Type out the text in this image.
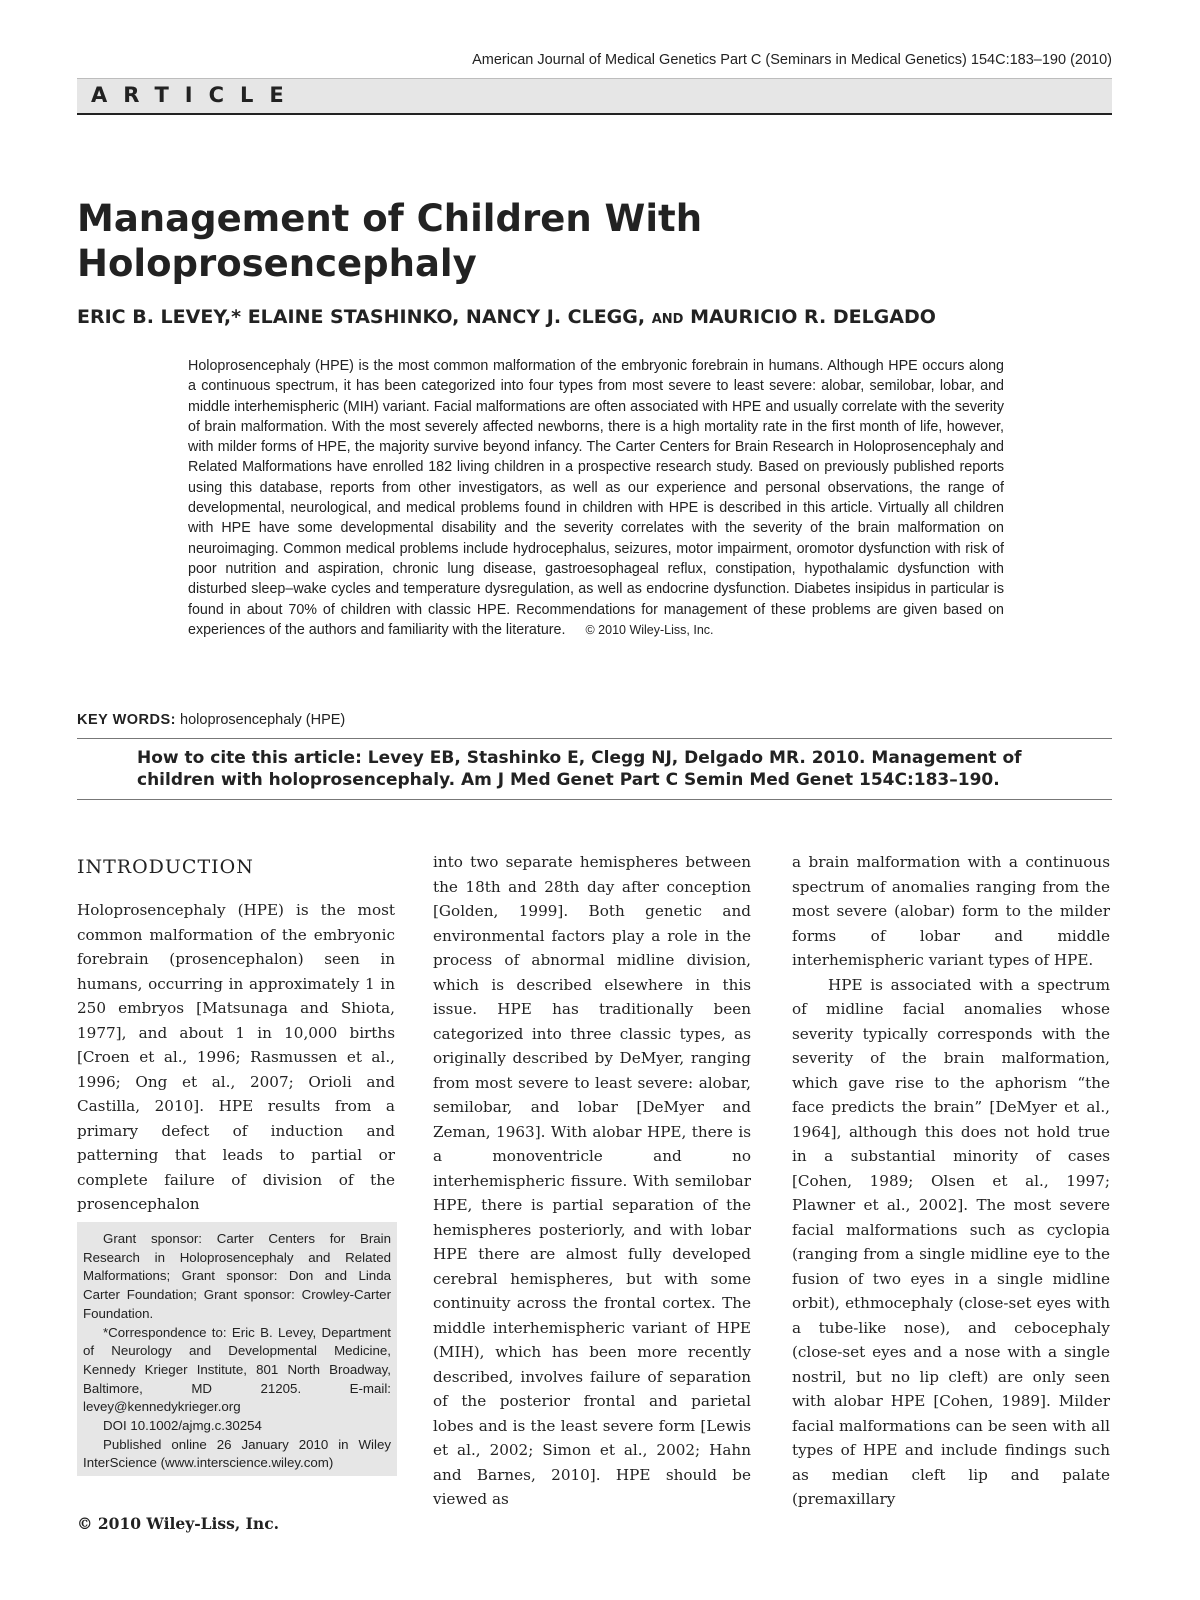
American Journal of Medical Genetics Part C (Seminars in Medical Genetics) 154C:183–190 (2010)
ARTICLE
Management of Children With Holoprosencephaly
ERIC B. LEVEY,* ELAINE STASHINKO, NANCY J. CLEGG, AND MAURICIO R. DELGADO

Holoprosencephaly (HPE) is the most common malformation of the embryonic forebrain in humans. Although HPE occurs along a continuous spectrum, it has been categorized into four types from most severe to least severe: alobar, semilobar, lobar, and middle interhemispheric (MIH) variant. Facial malformations are often associated with HPE and usually correlate with the severity of brain malformation. With the most severely affected newborns, there is a high mortality rate in the first month of life, however, with milder forms of HPE, the majority survive beyond infancy. The Carter Centers for Brain Research in Holoprosencephaly and Related Malformations have enrolled 182 living children in a prospective research study. Based on previously published reports using this database, reports from other investigators, as well as our experience and personal observations, the range of developmental, neurological, and medical problems found in children with HPE is described in this article. Virtually all children with HPE have some developmental disability and the severity correlates with the severity of the brain malformation on neuroimaging. Common medical problems include hydrocephalus, seizures, motor impairment, oromotor dysfunction with risk of poor nutrition and aspiration, chronic lung disease, gastroesophageal reflux, constipation, hypothalamic dysfunction with disturbed sleep–wake cycles and temperature dysregulation, as well as endocrine dysfunction. Diabetes insipidus in particular is found in about 70% of children with classic HPE. Recommendations for management of these problems are given based on experiences of the authors and familiarity with the literature. © 2010 Wiley-Liss, Inc.

KEY WORDS: holoprosencephaly (HPE)
How to cite this article: Levey EB, Stashinko E, Clegg NJ, Delgado MR. 2010. Management of children with holoprosencephaly. Am J Med Genet Part C Semin Med Genet 154C:183–190.
INTRODUCTION

Holoprosencephaly (HPE) is the most common malformation of the embryonic forebrain (prosencephalon) seen in humans, occurring in approximately 1 in 250 embryos [Matsunaga and Shiota, 1977], and about 1 in 10,000 births [Croen et al., 1996; Rasmussen et al., 1996; Ong et al., 2007; Orioli and Castilla, 2010]. HPE results from a primary defect of induction and patterning that leads to partial or complete failure of division of the prosencephalon

into two separate hemispheres between the 18th and 28th day after conception [Golden, 1999]. Both genetic and environmental factors play a role in the process of abnormal midline division, which is described elsewhere in this issue. HPE has traditionally been categorized into three classic types, as originally described by DeMyer, ranging from most severe to least severe: alobar, semilobar, and lobar [DeMyer and Zeman, 1963]. With alobar HPE, there is a monoventricle and no interhemispheric fissure. With semilobar HPE, there is partial separation of the hemispheres posteriorly, and with lobar HPE there are almost fully developed cerebral hemispheres, but with some continuity across the frontal cortex. The middle interhemispheric variant of HPE (MIH), which has been more recently described, involves failure of separation of the posterior frontal and parietal lobes and is the least severe form [Lewis et al., 2002; Simon et al., 2002; Hahn and Barnes, 2010]. HPE should be viewed as

a brain malformation with a continuous spectrum of anomalies ranging from the most severe (alobar) form to the milder forms of lobar and middle interhemispheric variant types of HPE.

HPE is associated with a spectrum of midline facial anomalies whose severity typically corresponds with the severity of the brain malformation, which gave rise to the aphorism “the face predicts the brain” [DeMyer et al., 1964], although this does not hold true in a substantial minority of cases [Cohen, 1989; Olsen et al., 1997; Plawner et al., 2002]. The most severe facial malformations such as cyclopia (ranging from a single midline eye to the fusion of two eyes in a single midline orbit), ethmocephaly (close-set eyes with a tube-like nose), and cebocephaly (close-set eyes and a nose with a single nostril, but no lip cleft) are only seen with alobar HPE [Cohen, 1989]. Milder facial malformations can be seen with all types of HPE and include findings such as median cleft lip and palate (premaxillary

Grant sponsor: Carter Centers for Brain Research in Holoprosencephaly and Related Malformations; Grant sponsor: Don and Linda Carter Foundation; Grant sponsor: Crowley-Carter Foundation.

*Correspondence to: Eric B. Levey, Department of Neurology and Developmental Medicine, Kennedy Krieger Institute, 801 North Broadway, Baltimore, MD 21205. E-mail: levey@kennedykrieger.org

DOI 10.1002/ajmg.c.30254

Published online 26 January 2010 in Wiley InterScience (www.interscience.wiley.com)

© 2010 Wiley-Liss, Inc.
